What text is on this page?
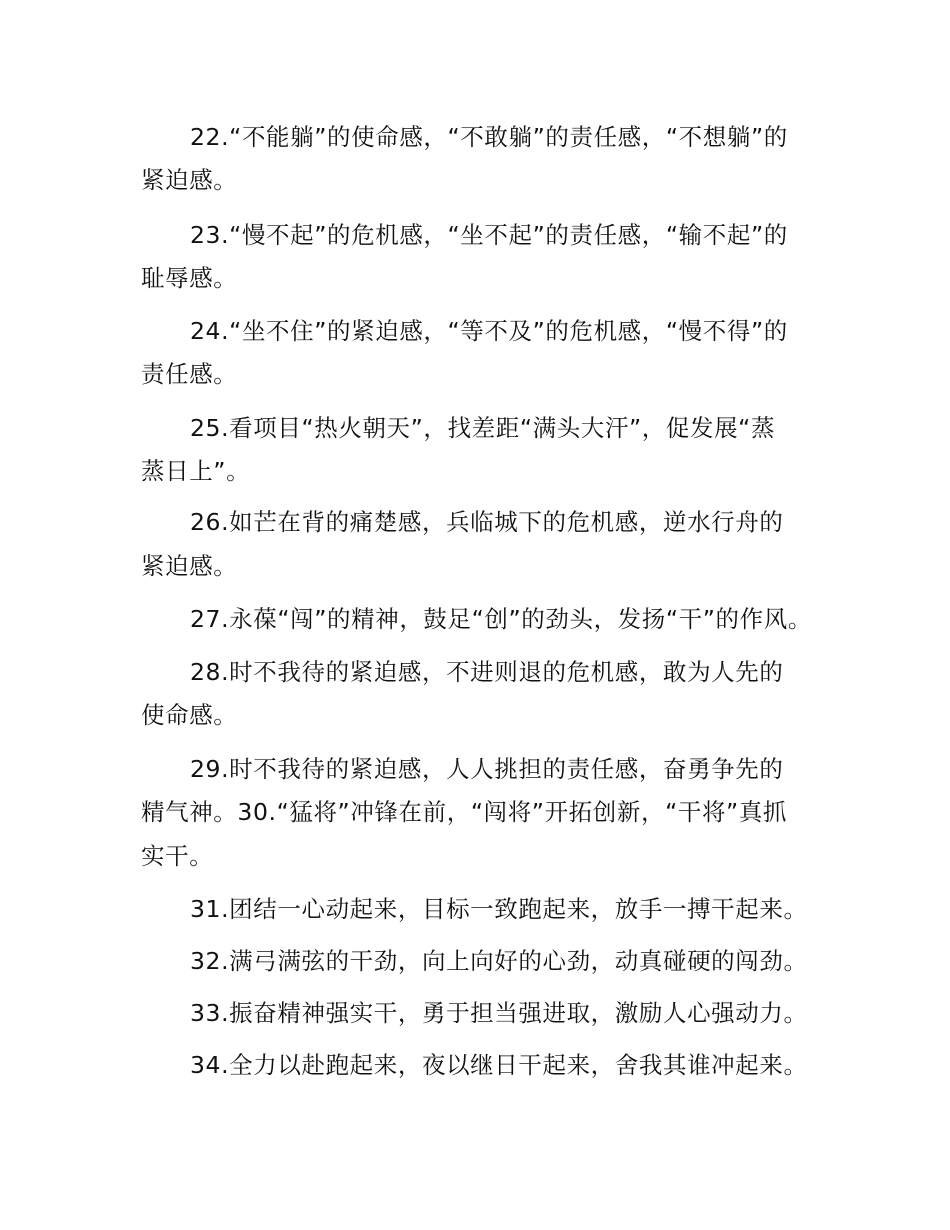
22.“不能躺”的使命感，“不敢躺”的责任感，“不想躺”的
紧迫感。
23.“慢不起”的危机感，“坐不起”的责任感，“输不起”的
耻辱感。
24.“坐不住”的紧迫感，“等不及”的危机感，“慢不得”的
责任感。
25.看项目“热火朝天”，找差距“满头大汗”，促发展“蒸
蒸日上”。
26.如芒在背的痛楚感，兵临城下的危机感，逆水行舟的
紧迫感。
27.永葆“闯”的精神，鼓足“创”的劲头，发扬“干”的作风。
28.时不我待的紧迫感，不进则退的危机感，敢为人先的
使命感。
29.时不我待的紧迫感，人人挑担的责任感，奋勇争先的
精气神。30.“猛将”冲锋在前，“闯将”开拓创新，“干将”真抓
实干。
31.团结一心动起来，目标一致跑起来，放手一搏干起来。
32.满弓满弦的干劲，向上向好的心劲，动真碰硬的闯劲。
33.振奋精神强实干，勇于担当强进取，激励人心强动力。
34.全力以赴跑起来，夜以继日干起来，舍我其谁冲起来。
